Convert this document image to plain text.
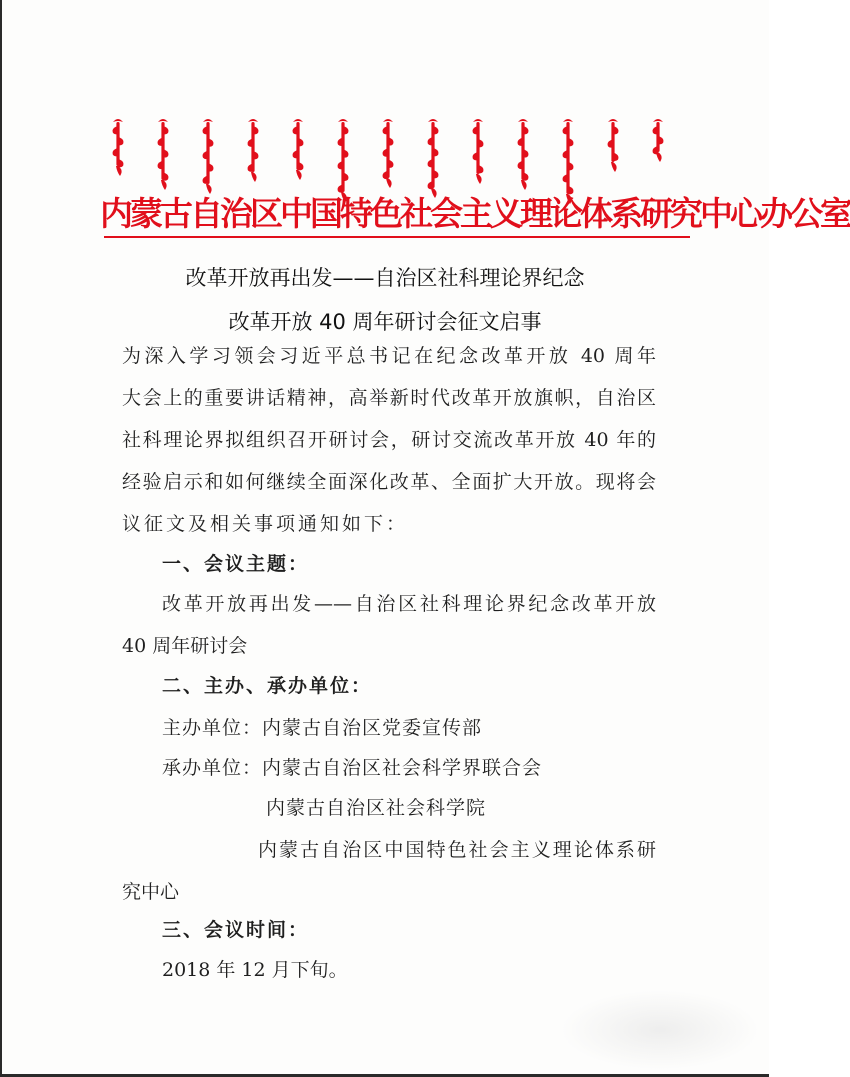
内蒙古自治区中国特色社会主义理论体系研究中心办公室
改革开放再出发——自治区社科理论界纪念
改革开放 40 周年研讨会征文启事
为深入学习领会习近平总书记在纪念改革开放 40 周年
大会上的重要讲话精神，高举新时代改革开放旗帜，自治区
社科理论界拟组织召开研讨会，研讨交流改革开放 40 年的
经验启示和如何继续全面深化改革、全面扩大开放。现将会
议征文及相关事项通知如下：
一、会议主题：
改革开放再出发——自治区社科理论界纪念改革开放
40 周年研讨会
二、主办、承办单位：
主办单位：内蒙古自治区党委宣传部
承办单位：内蒙古自治区社会科学界联合会
内蒙古自治区社会科学院
内蒙古自治区中国特色社会主义理论体系研
究中心
三、会议时间：
2018 年 12 月下旬。
